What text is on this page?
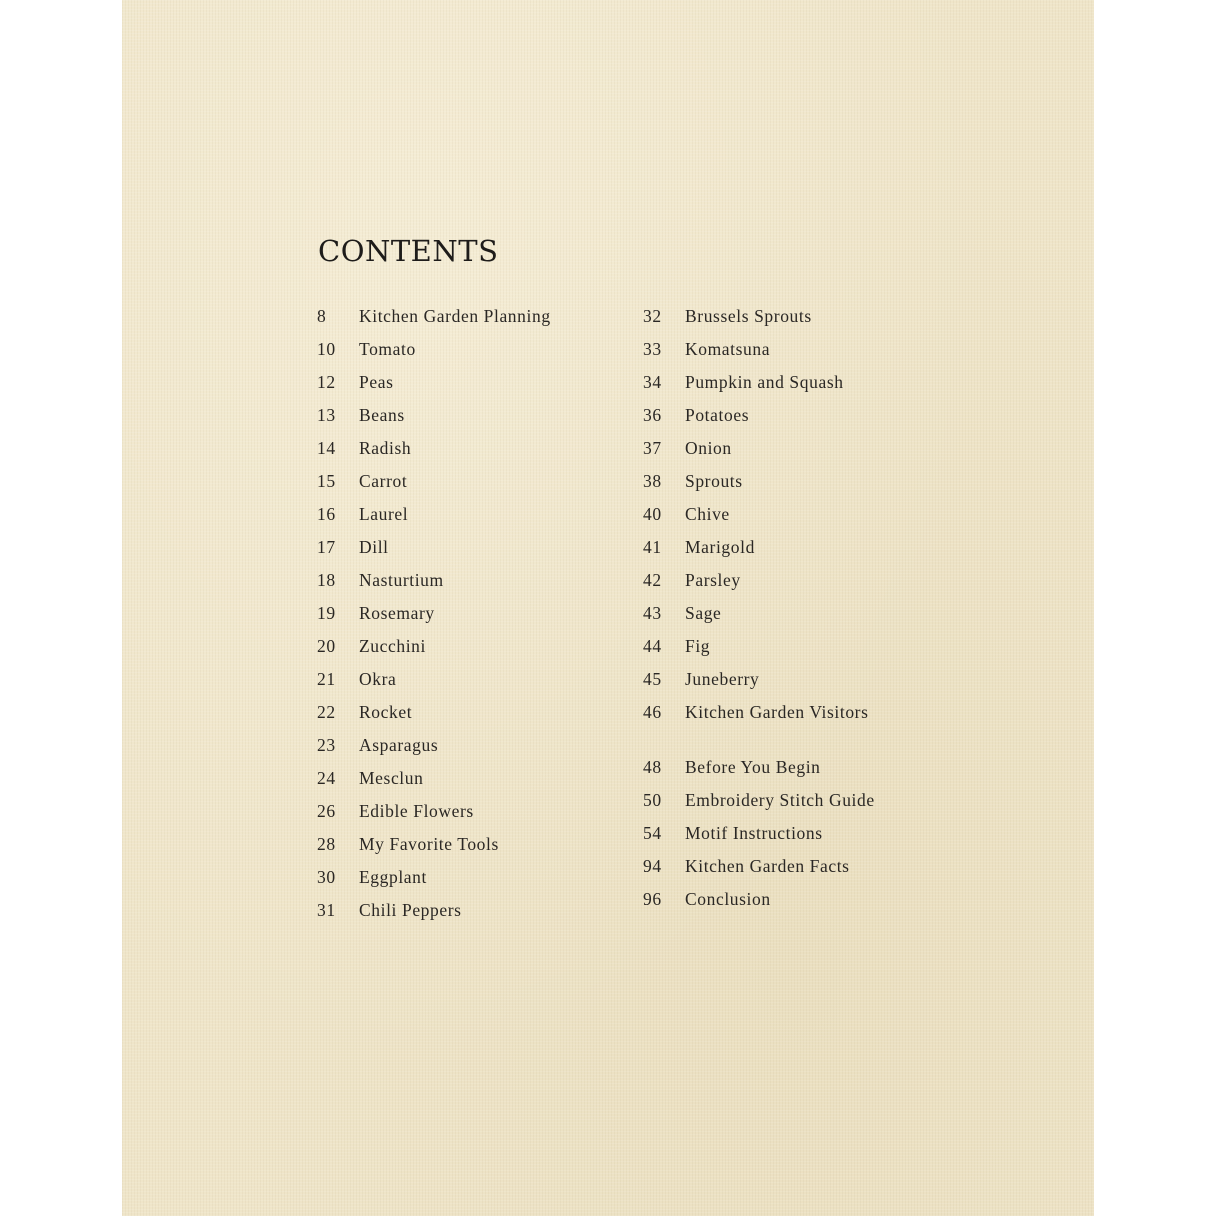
CONTENTS
8	Kitchen Garden Planning
10	Tomato
12	Peas
13	Beans
14	Radish
15	Carrot
16	Laurel
17	Dill
18	Nasturtium
19	Rosemary
20	Zucchini
21	Okra
22	Rocket
23	Asparagus
24	Mesclun
26	Edible Flowers
28	My Favorite Tools
30	Eggplant
31	Chili Peppers
32	Brussels Sprouts
33	Komatsuna
34	Pumpkin and Squash
36	Potatoes
37	Onion
38	Sprouts
40	Chive
41	Marigold
42	Parsley
43	Sage
44	Fig
45	Juneberry
46	Kitchen Garden Visitors
48	Before You Begin
50	Embroidery Stitch Guide
54	Motif Instructions
94	Kitchen Garden Facts
96	Conclusion
